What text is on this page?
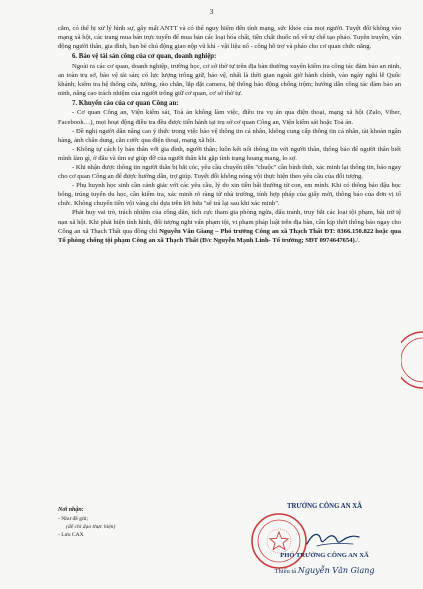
3

cắm, có thể bị xử lý hình sự, gây mất ANTT và có thể nguy hiểm đến tính mạng, sức khỏe của mọi người. Tuyệt đối không vào mạng xã hội, các trang mua bán trực tuyến để mua bán các loại hóa chất, tiền chất thuốc nổ về tự chế tạo pháo. Tuyên truyền, vận động người thân, gia đình, bạn bè chủ động giao nộp vũ khí - vật liệu nổ - công hỗ trợ và pháo cho cơ quan chức năng.

6. Bảo vệ tài sản công của cơ quan, doanh nghiệp:

Ngoài ra các cơ quan, doanh nghiệp, trường học, cơ sở thờ tự trên địa bàn thường xuyên kiểm tra công tác đảm bảo an ninh, an toàn trụ sở, bảo vệ tài sản; có lực lượng trông giữ, bảo vệ, nhất là thời gian ngoài giờ hành chính, vào ngày nghỉ lễ Quốc khánh; kiểm tra hệ thống cửa, tường, rào chắn, lắp đặt camera, hệ thống báo động chống trộm; hướng dẫn công tác đảm bảo an ninh, nâng cao trách nhiệm của người trông giữ cơ quan, cơ sở thờ tự.

7. Khuyến cáo của cơ quan Công an:

- Cơ quan Công an, Viện kiểm sát, Toà án không làm việc, điều tra vụ án qua điện thoại, mạng xã hội (Zalo, Viber, Facebook…), mọi hoạt động điều tra đều được tiến hành tại trụ sở cơ quan Công an, Viện kiểm sát hoặc Toà án.

- Đề nghị người dân nâng cao ý thức trong việc bảo vệ thông tin cá nhân, không cung cấp thông tin cá nhân, tài khoản ngân hàng, ảnh chân dung, căn cước qua điện thoại, mạng xã hội.

- Không tự cách ly bản thân với gia đình, người thân; luôn kết nối thông tin với người thân, thông báo để người thân biết mình làm gì, ở đâu và tìm sự giúp đỡ của người thân khi gặp tình trạng hoang mang, lo sợ.

- Khi nhận được thông tin người thân bị bắt cóc, yêu cầu chuyển tiền "chuộc" cần bình tĩnh, xác minh lại thông tin, báo ngay cho cơ quan Công an để được hướng dẫn, trợ giúp. Tuyệt đối không nóng vội thực hiện theo yêu cầu của đối tượng.

- Phụ huynh học sinh cần cảnh giác với các yêu cầu, lý do xin tiền bất thường từ con, em mình. Khi có thông báo đậu học bổng, trúng tuyển du học, cần kiểm tra, xác minh rõ ràng từ nhà trường, tính hợp pháp của giấy mời, thông báo của đơn vị tổ chức. Không chuyển tiền vội vàng chỉ dựa trên lời hứa "sẽ trả lại sau khi xác minh".

Phát huy vai trò, trách nhiệm của công dân, tích cực tham gia phòng ngừa, đấu tranh, truy bắt các loại tội phạm, bài trừ tệ nạn xã hội. Khi phát hiện tình hình, đối tượng nghi vấn phạm tội, vi phạm pháp luật trên địa bàn, cần kịp thời thông báo ngay cho Công an xã Thạch Thất qua đồng chí Nguyễn Văn Giang – Phó trưởng Công an xã Thạch Thất ĐT: 0366.150.822 hoặc qua Tổ phòng chống tội phạm Công an xã Thạch Thất (Đ/c Nguyễn Mạnh Linh- Tổ trưởng; SĐT 0974647654)./.

Nơi nhận:
- Như đề gửi;
(để chỉ đạo thực hiện)
- Lưu CAX
TRƯỞNG CÔNG AN XÃ
PHÓ TRƯỞNG CÔNG AN XÃ
Thiếu tá Nguyễn Văn Giang
